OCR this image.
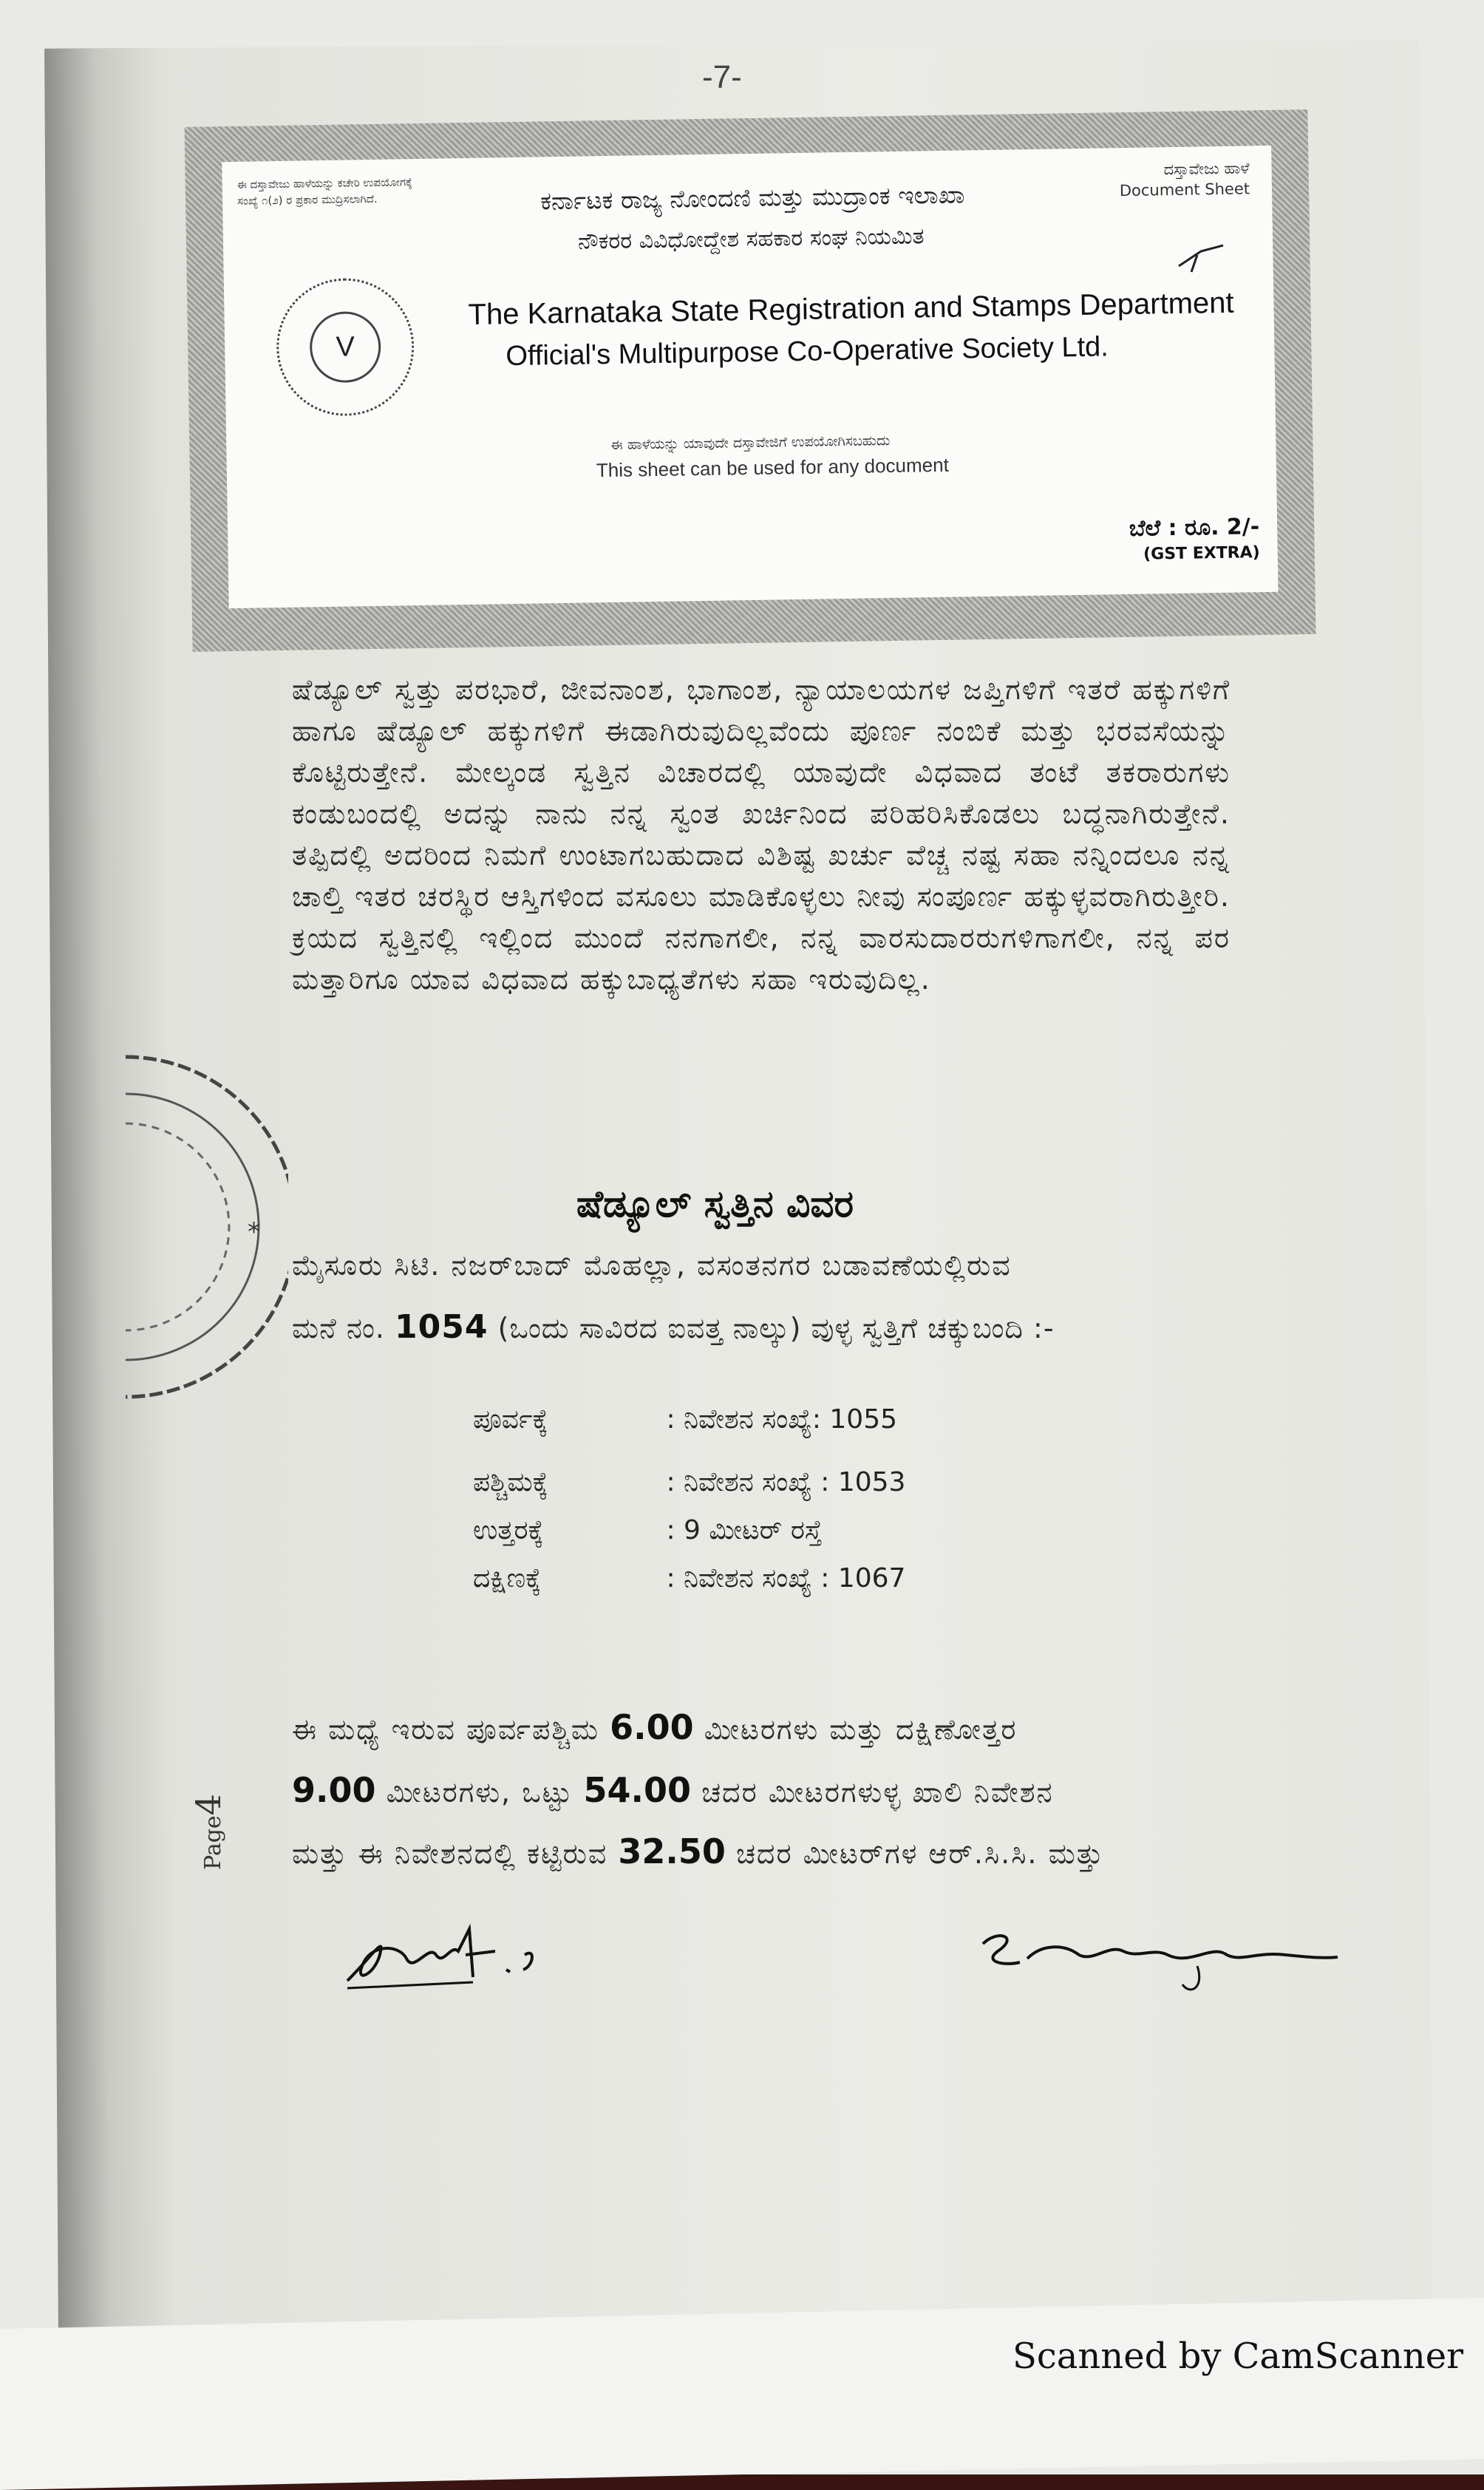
-7-
ಈ ದಸ್ತಾವೇಜು ಹಾಳೆಯನ್ನು ಕಚೇರಿ ಉಪಯೋಗಕ್ಕೆ
ಸಂಖ್ಯೆ ೧(೨) ರ ಪ್ರಕಾರ ಮುದ್ರಿಸಲಾಗಿದೆ.
ದಸ್ತಾವೇಜು ಹಾಳೆ
Document Sheet
V
ಕರ್ನಾಟಕ ರಾಜ್ಯ ನೋಂದಣಿ ಮತ್ತು ಮುದ್ರಾಂಕ ಇಲಾಖಾ
ನೌಕರರ ವಿವಿಧೋದ್ದೇಶ ಸಹಕಾರ ಸಂಘ ನಿಯಮಿತ
The Karnataka State Registration and Stamps Department
Official's Multipurpose Co-Operative Society Ltd.
ಈ ಹಾಳೆಯನ್ನು ಯಾವುದೇ ದಸ್ತಾವೇಜಿಗೆ ಉಪಯೋಗಿಸಬಹುದು
This sheet can be used for any document
ಬೆಲೆ : ರೂ. 2/-
(GST EXTRA)
*
ಷೆಡ್ಯೂಲ್ ಸ್ವತ್ತು ಪರಭಾರೆ, ಜೀವನಾಂಶ, ಭಾಗಾಂಶ, ನ್ಯಾಯಾಲಯಗಳ ಜಪ್ತಿಗಳಿಗೆ ಇತರೆ ಹಕ್ಕುಗಳಿಗೆ ಹಾಗೂ ಷೆಡ್ಯೂಲ್ ಹಕ್ಕುಗಳಿಗೆ ಈಡಾಗಿರುವುದಿಲ್ಲವೆಂದು ಪೂರ್ಣ ನಂಬಿಕೆ ಮತ್ತು ಭರವಸೆಯನ್ನು ಕೊಟ್ಟಿರುತ್ತೇನೆ. ಮೇಲ್ಕಂಡ ಸ್ವತ್ತಿನ ವಿಚಾರದಲ್ಲಿ ಯಾವುದೇ ವಿಧವಾದ ತಂಟೆ ತಕರಾರುಗಳು ಕಂಡುಬಂದಲ್ಲಿ ಅದನ್ನು ನಾನು ನನ್ನ ಸ್ವಂತ ಖರ್ಚಿನಿಂದ ಪರಿಹರಿಸಿಕೊಡಲು ಬದ್ಧನಾಗಿರುತ್ತೇನೆ. ತಪ್ಪಿದಲ್ಲಿ ಅದರಿಂದ ನಿಮಗೆ ಉಂಟಾಗಬಹುದಾದ ವಿಶಿಷ್ಟ ಖರ್ಚು ವೆಚ್ಚ ನಷ್ಟ ಸಹಾ ನನ್ನಿಂದಲೂ ನನ್ನ ಚಾಲ್ತಿ ಇತರ ಚರಸ್ಥಿರ ಆಸ್ತಿಗಳಿಂದ ವಸೂಲು ಮಾಡಿಕೊಳ್ಳಲು ನೀವು ಸಂಪೂರ್ಣ ಹಕ್ಕುಳ್ಳವರಾಗಿರುತ್ತೀರಿ. ಕ್ರಯದ ಸ್ವತ್ತಿನಲ್ಲಿ ಇಲ್ಲಿಂದ ಮುಂದೆ ನನಗಾಗಲೀ, ನನ್ನ ವಾರಸುದಾರರುಗಳಿಗಾಗಲೀ, ನನ್ನ ಪರ ಮತ್ತಾರಿಗೂ ಯಾವ ವಿಧವಾದ ಹಕ್ಕುಬಾಧ್ಯತೆಗಳು ಸಹಾ ಇರುವುದಿಲ್ಲ.
ಷೆಡ್ಯೂಲ್ ಸ್ವತ್ತಿನ ವಿವರ
ಮೈಸೂರು ಸಿಟಿ. ನಜರ್‌ಬಾದ್ ಮೊಹಲ್ಲಾ, ವಸಂತನಗರ ಬಡಾವಣೆಯಲ್ಲಿರುವ
ಮನೆ ನಂ. 1054 (ಒಂದು ಸಾವಿರದ ಐವತ್ತ ನಾಲ್ಕು) ವುಳ್ಳ ಸ್ವತ್ತಿಗೆ ಚಕ್ಕುಬಂದಿ :-
ಪೂರ್ವಕ್ಕೆ	: ನಿವೇಶನ ಸಂಖ್ಯೆ: 1055
ಪಶ್ಚಿಮಕ್ಕೆ	: ನಿವೇಶನ ಸಂಖ್ಯೆ : 1053
ಉತ್ತರಕ್ಕೆ	: 9 ಮೀಟರ್ ರಸ್ತೆ
ದಕ್ಷಿಣಕ್ಕೆ	: ನಿವೇಶನ ಸಂಖ್ಯೆ : 1067
ಈ ಮಧ್ಯೆ ಇರುವ ಪೂರ್ವಪಶ್ಚಿಮ 6.00 ಮೀಟರಗಳು ಮತ್ತು ದಕ್ಷಿಣೋತ್ತರ
9.00 ಮೀಟರಗಳು, ಒಟ್ಟು 54.00 ಚದರ ಮೀಟರಗಳುಳ್ಳ ಖಾಲಿ ನಿವೇಶನ
ಮತ್ತು ಈ ನಿವೇಶನದಲ್ಲಿ ಕಟ್ಟಿರುವ 32.50 ಚದರ ಮೀಟರ್‌ಗಳ ಆರ್.ಸಿ.ಸಿ. ಮತ್ತು
Page4
Scanned by CamScanner
